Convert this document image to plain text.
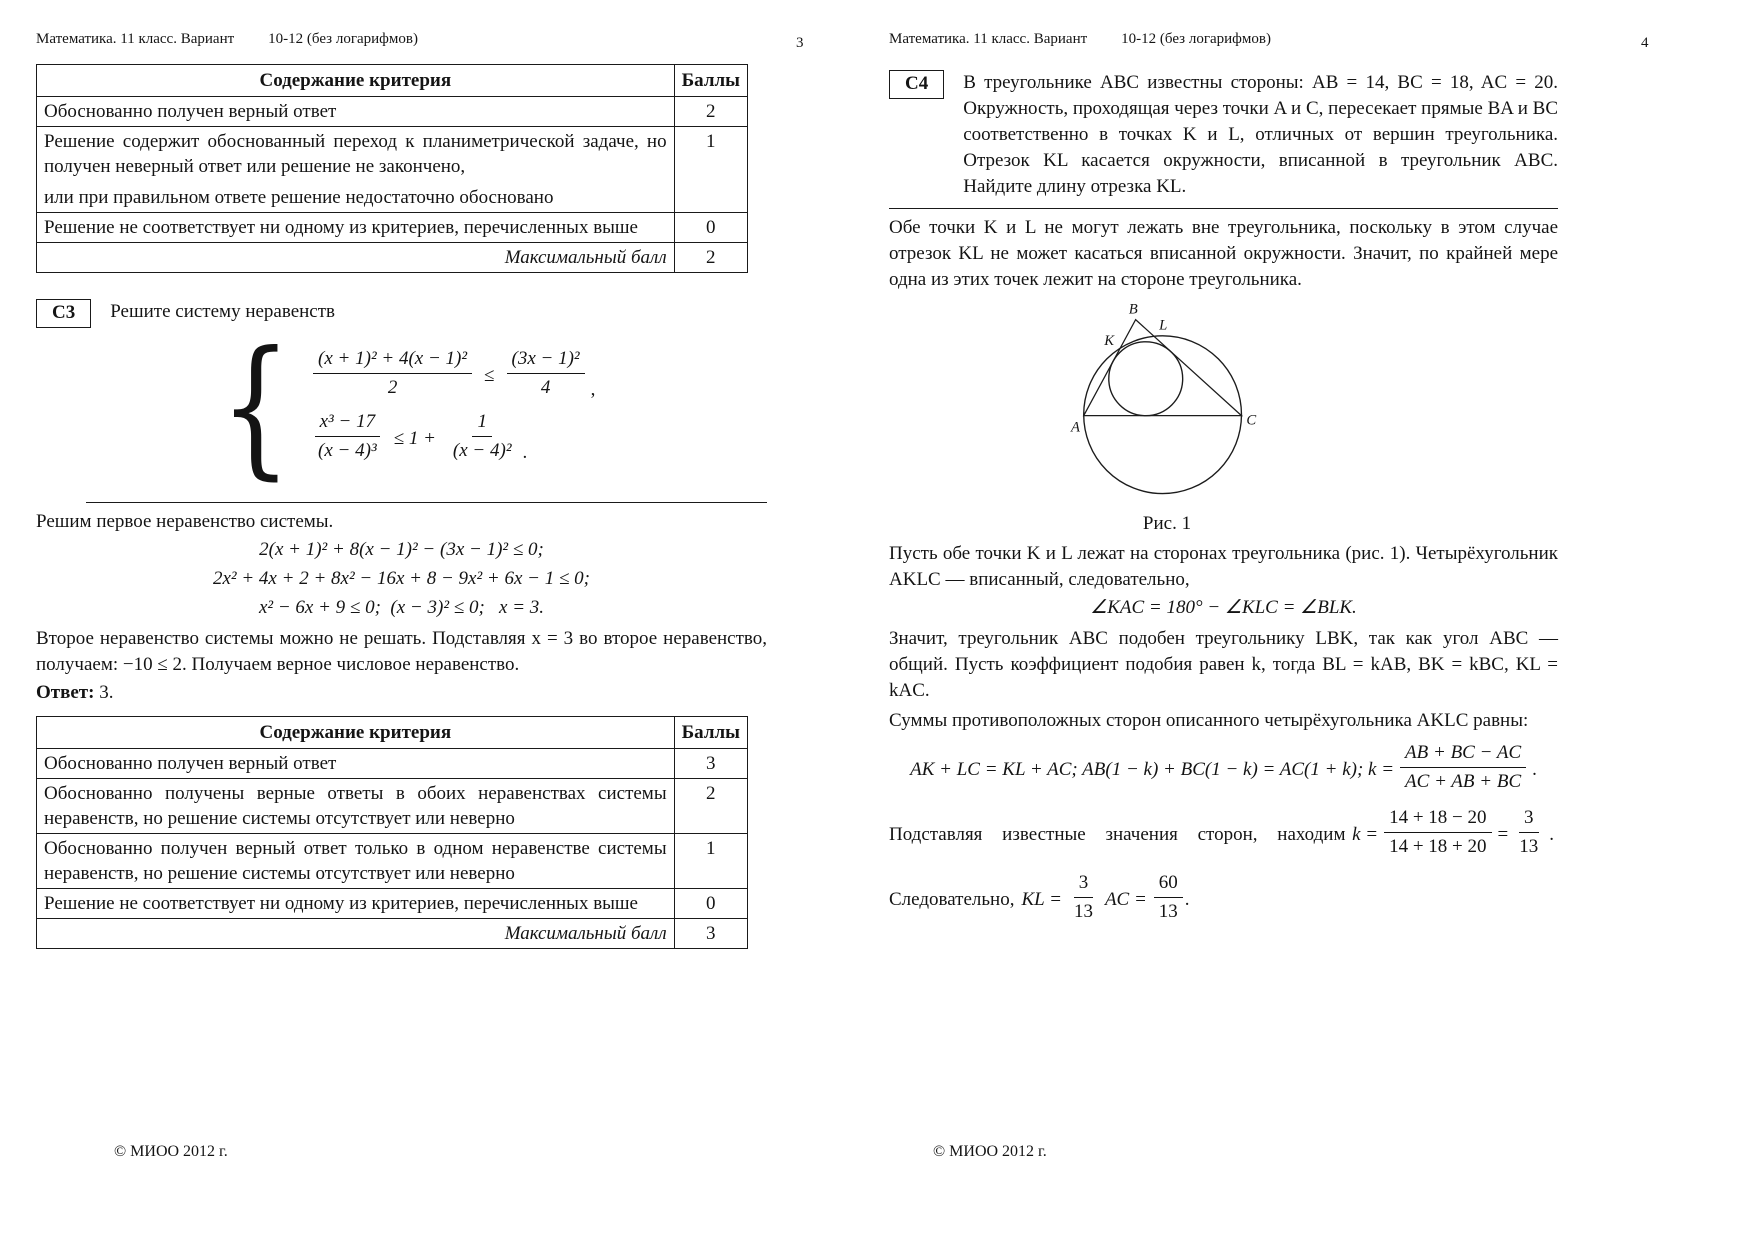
Математика. 11 класс. Вариант 10-12 (без логарифмов)	3
Содержание критерия	Баллы
Обоснованно получен верный ответ	2

Решение содержит обоснованный переход к планиметрической задаче, но получен неверный ответ или решение не закончено,
или при правильном ответе решение недостаточно обосновано	1
Решение не соответствует ни одному из критериев, перечисленных выше	0
Максимальный балл	2
С3	Решите систему неравенств
{ $\frac{\text{(x + 1)² + 4(x − 1)²}}{2} \le \frac{\text{(3x − 1)²}}{4}$ ,
$\frac{\text{x³ − 17}}{\text{(x − 4)³}} \le 1 + \frac{1}{\text{(x − 4)²}}$ .
Решим первое неравенство системы.
2(x + 1)² + 8(x − 1)² − (3x − 1)² ≤ 0;
2x² + 4x + 2 + 8x² − 16x + 8 − 9x² + 6x − 1 ≤ 0;
x² − 6x + 9 ≤ 0;  (x − 3)² ≤ 0;   x = 3.
Второе неравенство системы можно не решать. Подставляя x = 3 во второе неравенство, получаем: −10 ≤ 2. Получаем верное числовое неравенство.
Ответ: 3.
Содержание критерия	Баллы
Обоснованно получен верный ответ	3
Обоснованно получены верные ответы в обоих неравенствах системы неравенств, но решение системы отсутствует или неверно	2
Обоснованно получен верный ответ только в одном неравенстве системы неравенств, но решение системы отсутствует или неверно	1
Решение не соответствует ни одному из критериев, перечисленных выше	0
Максимальный балл	3
© МИОО 2012 г.
Математика. 11 класс. Вариант 10-12 (без логарифмов)	4
С4	В треугольнике ABC известны стороны: AB = 14, BC = 18, AC = 20. Окружность, проходящая через точки A и C, пересекает прямые BA и BC соответственно в точках K и L, отличных от вершин треугольника. Отрезок KL касается окружности, вписанной в треугольник ABC. Найдите длину отрезка KL.
Обе точки K и L не могут лежать вне треугольника, поскольку в этом случае отрезок KL не может касаться вписанной окружности. Значит, по крайней мере одна из этих точек лежит на стороне треугольника.
B
L
K
A	C
Рис. 1
Пусть обе точки K и L лежат на сторонах треугольника (рис. 1). Четырёхугольник AKLC — вписанный, следовательно,
∠KAC = 180° − ∠KLC = ∠BLK.
Значит, треугольник ABC подобен треугольнику LBK, так как угол ABC — общий. Пусть коэффициент подобия равен k, тогда BL = kAB, BK = kBC, KL = kAC.
Суммы противоположных сторон описанного четырёхугольника AKLC равны:
AK + LC = KL + AC; AB(1 − k) + BC(1 − k) = AC(1 + k); $k = \frac{AB + BC - AC}{AC + AB + BC}$ .
Подставляя известные значения сторон, находим $k = \frac{14 + 18 - 20}{14 + 18 + 20} = \frac{3}{13}$ .
Следовательно, KL = $\frac{3}{13}$ AC = $\frac{60}{13}$ .
© МИОО 2012 г.
